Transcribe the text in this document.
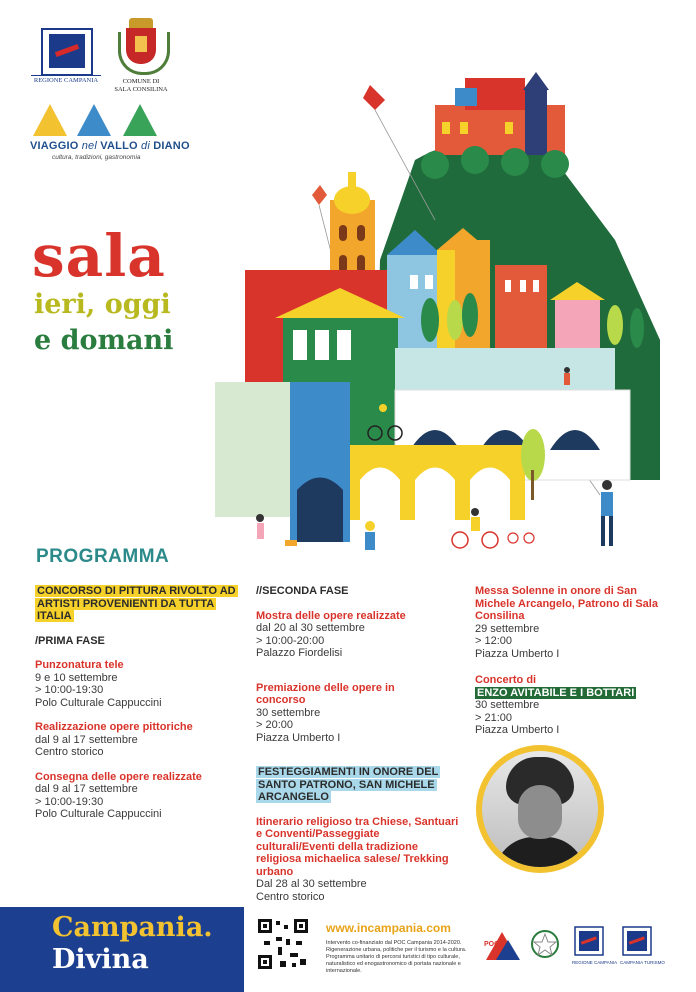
REGIONE CAMPANIA	COMUNE DI
SALA CONSILINA
VIAGGIO nel VALLO di DIANO
cultura, tradizioni, gastronomia
sala
ieri, oggi
e domani
PROGRAMMA
CONCORSO DI PITTURA RIVOLTO AD ARTISTI PROVENIENTI DA TUTTA ITALIA
/PRIMA FASE
Punzonatura tele
9 e 10 settembre
> 10:00-19:30
Polo Culturale Cappuccini
Realizzazione opere pittoriche
dal 9 al 17 settembre
Centro storico
Consegna delle opere realizzate
dal 9 al 17 settembre
> 10:00-19:30
Polo Culturale Cappuccini
//SECONDA FASE
Mostra delle opere realizzate
dal 20 al 30 settembre
> 10:00-20:00
Palazzo Fiordelisi
Premiazione delle opere in concorso
30 settembre
> 20:00
Piazza Umberto I
FESTEGGIAMENTI IN ONORE DEL SANTO PATRONO, SAN MICHELE ARCANGELO
Itinerario religioso tra Chiese, Santuari e Conventi/Passeggiate culturali/Eventi della tradizione religiosa michaelica salese/ Trekking urbano
Dal 28 al 30 settembre
Centro storico
Messa Solenne in onore di San Michele Arcangelo, Patrono di Sala Consilina
29 settembre
> 12:00
Piazza Umberto I
Concerto di
ENZO AVITABILE E I BOTTARI
30 settembre
> 21:00
Piazza Umberto I
Campania.
Divina
www.incampania.com
Intervento co-finanziato dal POC Campania 2014-2020. Rigenerazione urbana, politiche per il turismo e la cultura. Programma unitario di percorsi turistici di tipo culturale, naturalistico ed enogastronomico di portata nazionale e internazionale.
POC
REGIONE CAMPANIA CAMPANIA TURISMO
